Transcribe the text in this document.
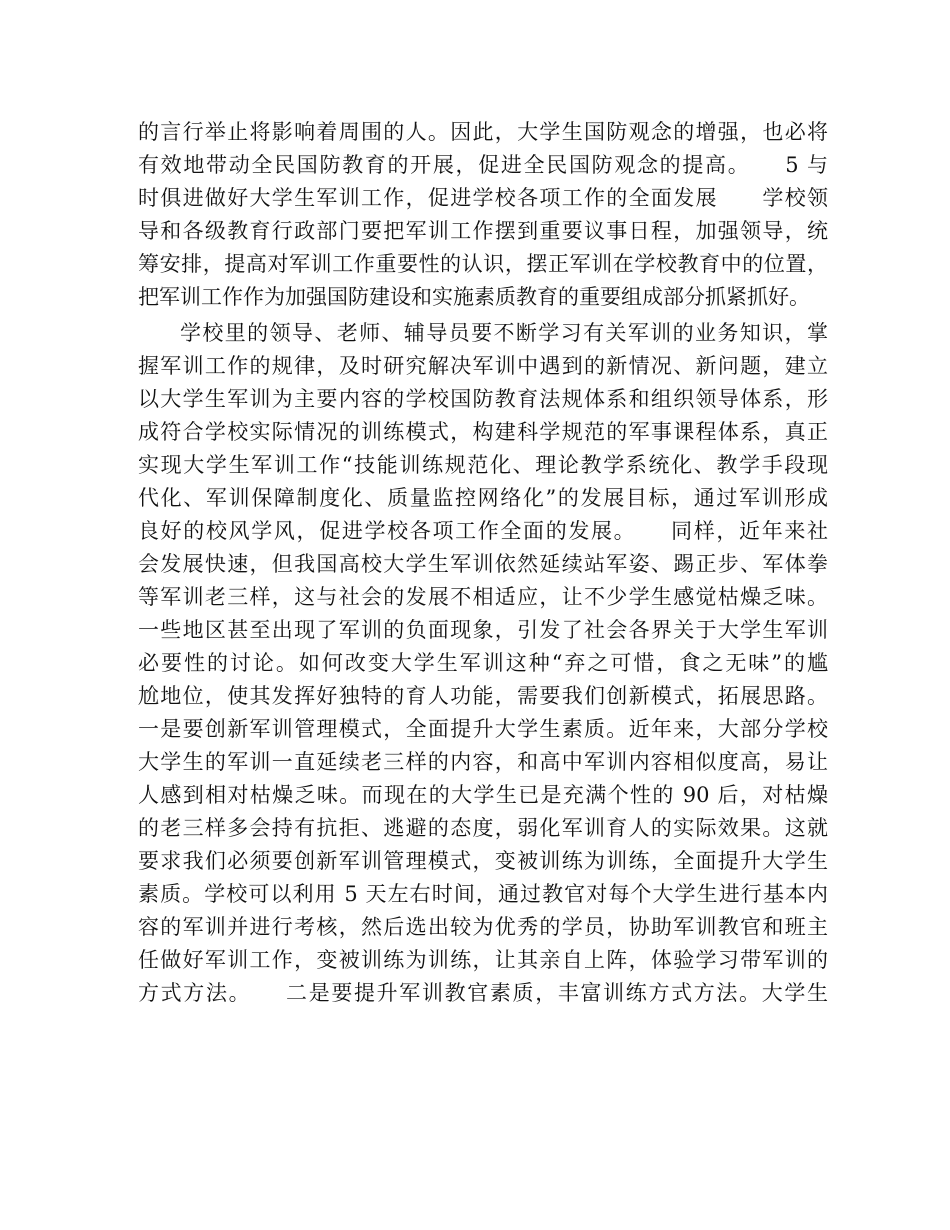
的言行举止将影响着周围的人。因此，大学生国防观念的增强，也必将
有效地带动全民国防教育的开展，促进全民国防观念的提高。　　5 与
时俱进做好大学生军训工作，促进学校各项工作的全面发展　　学校领
导和各级教育行政部门要把军训工作摆到重要议事日程，加强领导，统
筹安排，提高对军训工作重要性的认识，摆正军训在学校教育中的位置，
把军训工作作为加强国防建设和实施素质教育的重要组成部分抓紧抓好。
学校里的领导、老师、辅导员要不断学习有关军训的业务知识，掌
握军训工作的规律，及时研究解决军训中遇到的新情况、新问题，建立
以大学生军训为主要内容的学校国防教育法规体系和组织领导体系，形
成符合学校实际情况的训练模式，构建科学规范的军事课程体系，真正
实现大学生军训工作“技能训练规范化、理论教学系统化、教学手段现
代化、军训保障制度化、质量监控网络化”的发展目标，通过军训形成
良好的校风学风，促进学校各项工作全面的发展。　　同样，近年来社
会发展快速，但我国高校大学生军训依然延续站军姿、踢正步、军体拳
等军训老三样，这与社会的发展不相适应，让不少学生感觉枯燥乏味。
一些地区甚至出现了军训的负面现象，引发了社会各界关于大学生军训
必要性的讨论。如何改变大学生军训这种“弃之可惜，食之无味”的尴
尬地位，使其发挥好独特的育人功能，需要我们创新模式，拓展思路。
一是要创新军训管理模式，全面提升大学生素质。近年来，大部分学校
大学生的军训一直延续老三样的内容，和高中军训内容相似度高，易让
人感到相对枯燥乏味。而现在的大学生已是充满个性的 90 后，对枯燥
的老三样多会持有抗拒、逃避的态度，弱化军训育人的实际效果。这就
要求我们必须要创新军训管理模式，变被训练为训练，全面提升大学生
素质。学校可以利用 5 天左右时间，通过教官对每个大学生进行基本内
容的军训并进行考核，然后选出较为优秀的学员，协助军训教官和班主
任做好军训工作，变被训练为训练，让其亲自上阵，体验学习带军训的
方式方法。　　二是要提升军训教官素质，丰富训练方式方法。大学生
